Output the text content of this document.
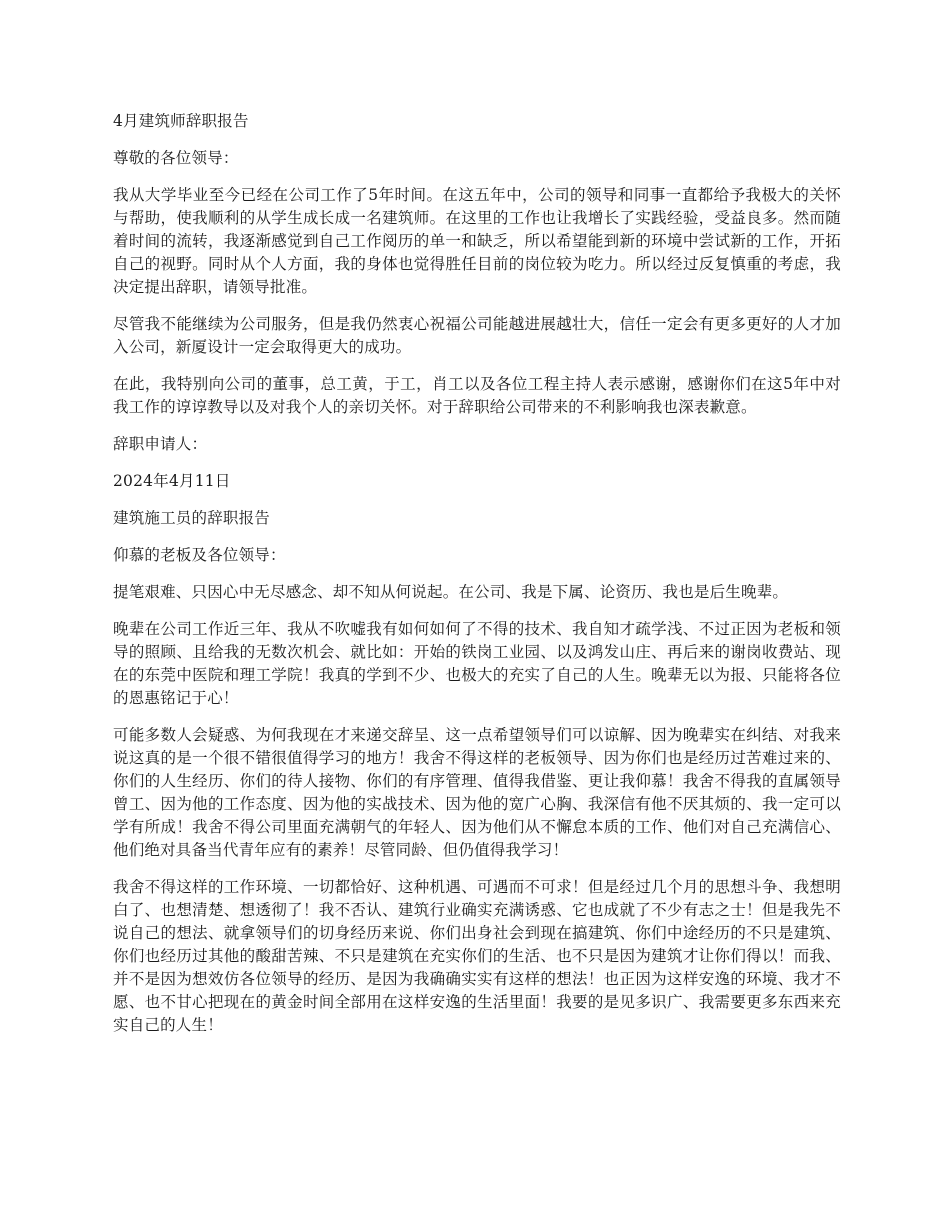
4月建筑师辞职报告

尊敬的各位领导：

我从大学毕业至今已经在公司工作了5年时间。在这五年中，公司的领导和同事一直都给予我极大的关怀与帮助，使我顺利的从学生成长成一名建筑师。在这里的工作也让我增长了实践经验，受益良多。然而随着时间的流转，我逐渐感觉到自己工作阅历的单一和缺乏，所以希望能到新的环境中尝试新的工作，开拓自己的视野。同时从个人方面，我的身体也觉得胜任目前的岗位较为吃力。所以经过反复慎重的考虑，我决定提出辞职，请领导批准。

尽管我不能继续为公司服务，但是我仍然衷心祝福公司能越进展越壮大，信任一定会有更多更好的人才加入公司，新厦设计一定会取得更大的成功。

在此，我特别向公司的董事，总工黄，于工，肖工以及各位工程主持人表示感谢，感谢你们在这5年中对我工作的谆谆教导以及对我个人的亲切关怀。对于辞职给公司带来的不利影响我也深表歉意。

辞职申请人：

2024年4月11日

建筑施工员的辞职报告

仰慕的老板及各位领导：

提笔艰难、只因心中无尽感念、却不知从何说起。在公司、我是下属、论资历、我也是后生晚辈。

晚辈在公司工作近三年、我从不吹嘘我有如何如何了不得的技术、我自知才疏学浅、不过正因为老板和领导的照顾、且给我的无数次机会、就比如：开始的铁岗工业园、以及鸿发山庄、再后来的谢岗收费站、现在的东莞中医院和理工学院！我真的学到不少、也极大的充实了自己的人生。晚辈无以为报、只能将各位的恩惠铭记于心！

可能多数人会疑惑、为何我现在才来递交辞呈、这一点希望领导们可以谅解、因为晚辈实在纠结、对我来说这真的是一个很不错很值得学习的地方！我舍不得这样的老板领导、因为你们也是经历过苦难过来的、你们的人生经历、你们的待人接物、你们的有序管理、值得我借鉴、更让我仰慕！我舍不得我的直属领导曾工、因为他的工作态度、因为他的实战技术、因为他的宽广心胸、我深信有他不厌其烦的、我一定可以学有所成！我舍不得公司里面充满朝气的年轻人、因为他们从不懈怠本质的工作、他们对自己充满信心、他们绝对具备当代青年应有的素养！尽管同龄、但仍值得我学习！

我舍不得这样的工作环境、一切都恰好、这种机遇、可遇而不可求！但是经过几个月的思想斗争、我想明白了、也想清楚、想透彻了！我不否认、建筑行业确实充满诱惑、它也成就了不少有志之士！但是我先不说自己的想法、就拿领导们的切身经历来说、你们出身社会到现在搞建筑、你们中途经历的不只是建筑、你们也经历过其他的酸甜苦辣、不只是建筑在充实你们的生活、也不只是因为建筑才让你们得以！而我、并不是因为想效仿各位领导的经历、是因为我确确实实有这样的想法！也正因为这样安逸的环境、我才不愿、也不甘心把现在的黄金时间全部用在这样安逸的生活里面！我要的是见多识广、我需要更多东西来充实自己的人生！
